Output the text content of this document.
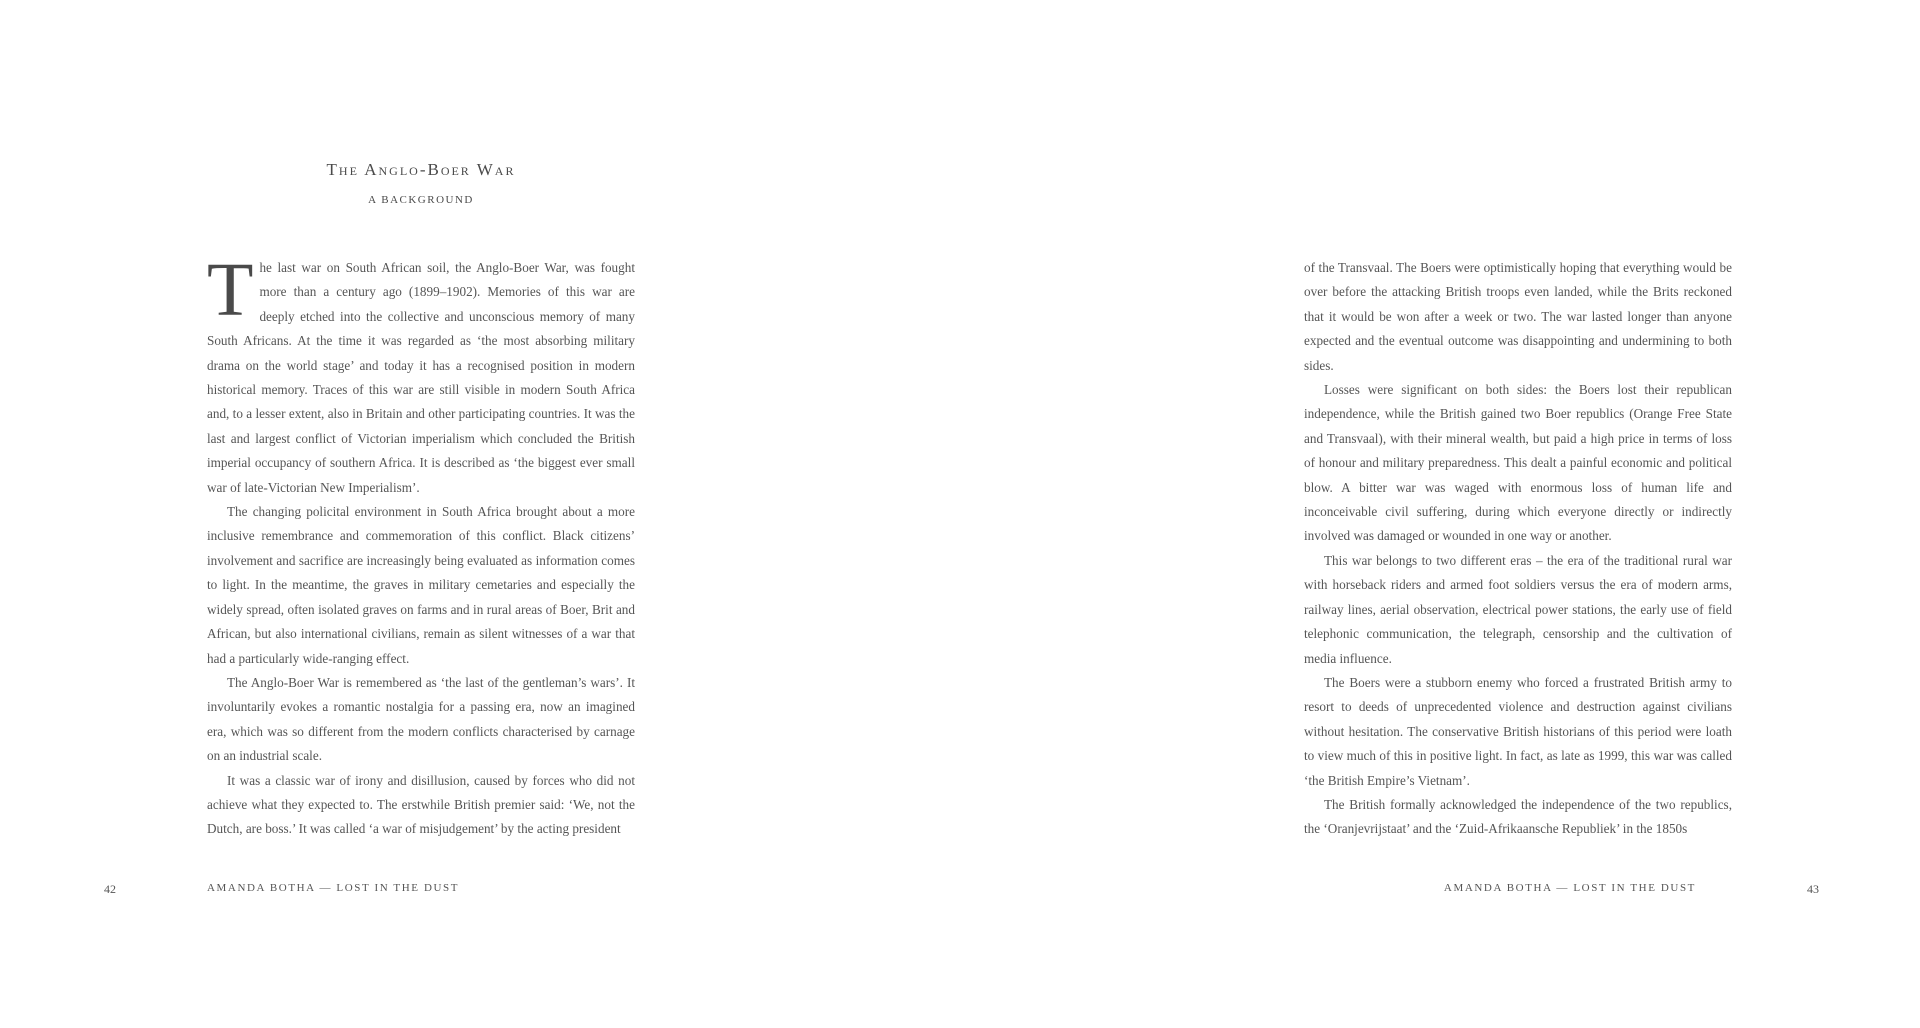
The Anglo-Boer War
A BACKGROUND

The last war on South African soil, the Anglo-Boer War, was fought more than a century ago (1899–1902). Memories of this war are deeply etched into the collective and unconscious memory of many South Africans. At the time it was regarded as ‘the most absorbing military drama on the world stage’ and today it has a recognised position in modern historical memory. Traces of this war are still visible in modern South Africa and, to a lesser extent, also in Britain and other participating countries. It was the last and largest conflict of Victorian imperialism which concluded the British imperial occupancy of southern Africa. It is described as ‘the biggest ever small war of late-Victorian New Imperialism’.

The changing policital environment in South Africa brought about a more inclusive remembrance and commemoration of this conflict. Black citizens’ involvement and sacrifice are increasingly being evaluated as information comes to light. In the meantime, the graves in military cemetaries and especially the widely spread, often isolated graves on farms and in rural areas of Boer, Brit and African, but also international civilians, remain as silent witnesses of a war that had a particularly wide-ranging effect.

The Anglo-Boer War is remembered as ‘the last of the gentleman’s wars’. It involuntarily evokes a romantic nostalgia for a passing era, now an imagined era, which was so different from the modern conflicts characterised by carnage on an industrial scale.

It was a classic war of irony and disillusion, caused by forces who did not achieve what they expected to. The erstwhile British premier said: ‘We, not the Dutch, are boss.’ It was called ‘a war of misjudgement’ by the acting president

42	AMANDA BOTHA — LOST IN THE DUST

of the Transvaal. The Boers were optimistically hoping that everything would be over before the attacking British troops even landed, while the Brits reckoned that it would be won after a week or two. The war lasted longer than anyone expected and the eventual outcome was disappointing and undermining to both sides.

Losses were significant on both sides: the Boers lost their republican independence, while the British gained two Boer republics (Orange Free State and Transvaal), with their mineral wealth, but paid a high price in terms of loss of honour and military preparedness. This dealt a painful economic and political blow. A bitter war was waged with enormous loss of human life and inconceivable civil suffering, during which everyone directly or indirectly involved was damaged or wounded in one way or another.

This war belongs to two different eras – the era of the traditional rural war with horseback riders and armed foot soldiers versus the era of modern arms, railway lines, aerial observation, electrical power stations, the early use of field telephonic communication, the telegraph, censorship and the cultivation of media influence.

The Boers were a stubborn enemy who forced a frustrated British army to resort to deeds of unprecedented violence and destruction against civilians without hesitation. The conservative British historians of this period were loath to view much of this in positive light. In fact, as late as 1999, this war was called ‘the British Empire’s Vietnam’.

The British formally acknowledged the independence of the two republics, the ‘Oranjevrijstaat’ and the ‘Zuid-Afrikaansche Republiek’ in the 1850s

AMANDA BOTHA — LOST IN THE DUST	43
